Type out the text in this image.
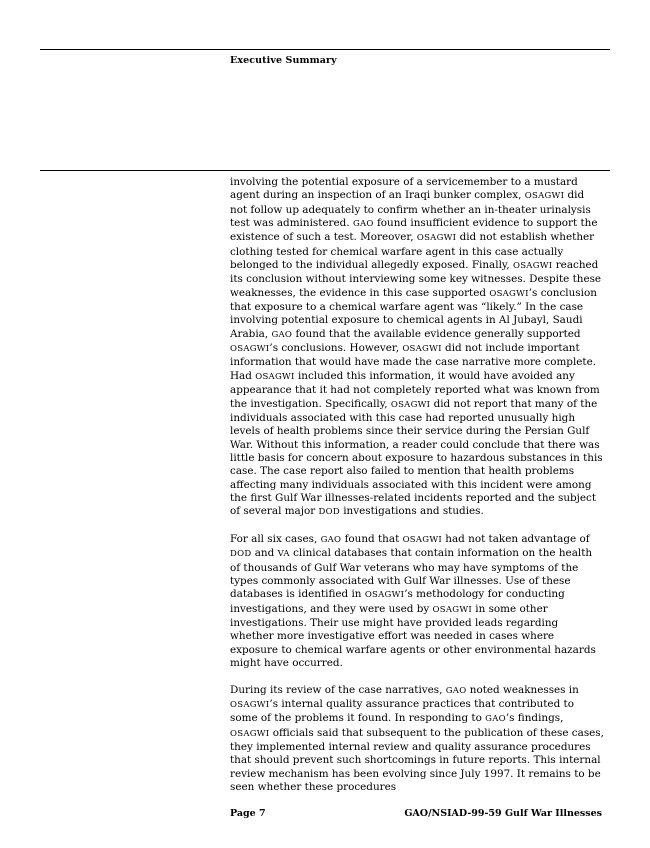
Executive Summary

involving the potential exposure of a servicemember to a mustard agent during an inspection of an Iraqi bunker complex, OSAGWI did not follow up adequately to confirm whether an in-theater urinalysis test was administered. GAO found insufficient evidence to support the existence of such a test. Moreover, OSAGWI did not establish whether clothing tested for chemical warfare agent in this case actually belonged to the individual allegedly exposed. Finally, OSAGWI reached its conclusion without interviewing some key witnesses. Despite these weaknesses, the evidence in this case supported OSAGWI’s conclusion that exposure to a chemical warfare agent was “likely.” In the case involving potential exposure to chemical agents in Al Jubayl, Saudi Arabia, GAO found that the available evidence generally supported OSAGWI’s conclusions. However, OSAGWI did not include important information that would have made the case narrative more complete. Had OSAGWI included this information, it would have avoided any appearance that it had not completely reported what was known from the investigation. Specifically, OSAGWI did not report that many of the individuals associated with this case had reported unusually high levels of health problems since their service during the Persian Gulf War. Without this information, a reader could conclude that there was little basis for concern about exposure to hazardous substances in this case. The case report also failed to mention that health problems affecting many individuals associated with this incident were among the first Gulf War illnesses-related incidents reported and the subject of several major DOD investigations and studies.

For all six cases, GAO found that OSAGWI had not taken advantage of DOD and VA clinical databases that contain information on the health of thousands of Gulf War veterans who may have symptoms of the types commonly associated with Gulf War illnesses. Use of these databases is identified in OSAGWI’s methodology for conducting investigations, and they were used by OSAGWI in some other investigations. Their use might have provided leads regarding whether more investigative effort was needed in cases where exposure to chemical warfare agents or other environmental hazards might have occurred.

During its review of the case narratives, GAO noted weaknesses in OSAGWI’s internal quality assurance practices that contributed to some of the problems it found. In responding to GAO’s findings, OSAGWI officials said that subsequent to the publication of these cases, they implemented internal review and quality assurance procedures that should prevent such shortcomings in future reports. This internal review mechanism has been evolving since July 1997. It remains to be seen whether these procedures

Page 7	GAO/NSIAD-99-59 Gulf War Illnesses
